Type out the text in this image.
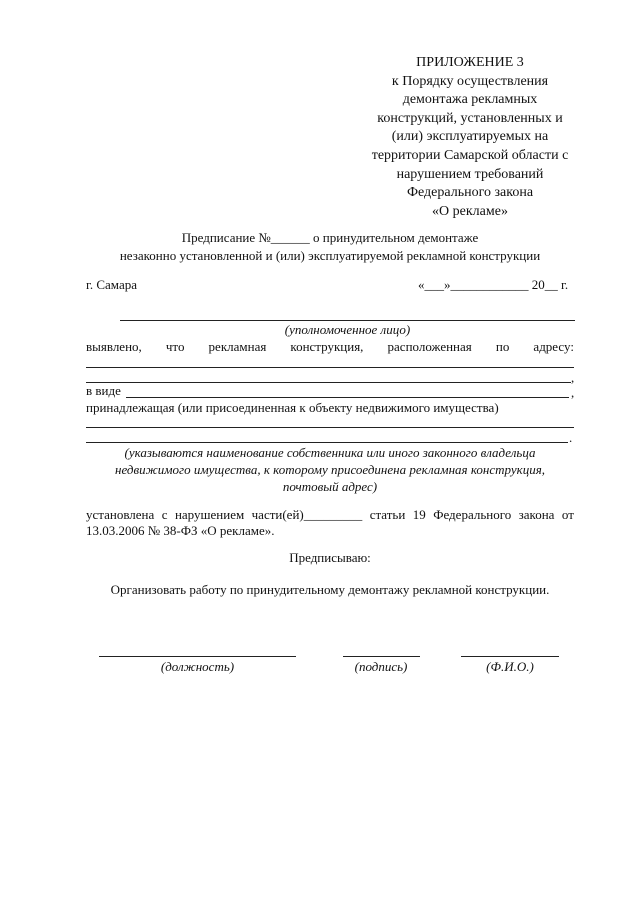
ПРИЛОЖЕНИЕ 3
к Порядку осуществления
демонтажа рекламных
конструкций, установленных и
(или) эксплуатируемых на
территории Самарской области с
нарушением требований
Федерального закона
«О рекламе»
Предписание №______ о принудительном демонтаже
незаконно установленной и (или) эксплуатируемой рекламной конструкции
г. Самара	«___»____________ 20__ г.
(уполномоченное лицо)
выявлено, что рекламная конструкция, расположенная по адресу:
,
в виде	,
принадлежащая (или присоединенная к объекту недвижимого имущества)
.
(указываются наименование собственника или иного законного владельца
недвижимого имущества, к которому присоединена рекламная конструкция,
почтовый адрес)
установлена с нарушением части(ей)_________ статьи 19 Федерального закона от
13.03.2006 № 38-ФЗ «О рекламе».
Предписываю:
Организовать работу по принудительному демонтажу рекламной конструкции.
(должность)	(подпись)	(Ф.И.О.)
